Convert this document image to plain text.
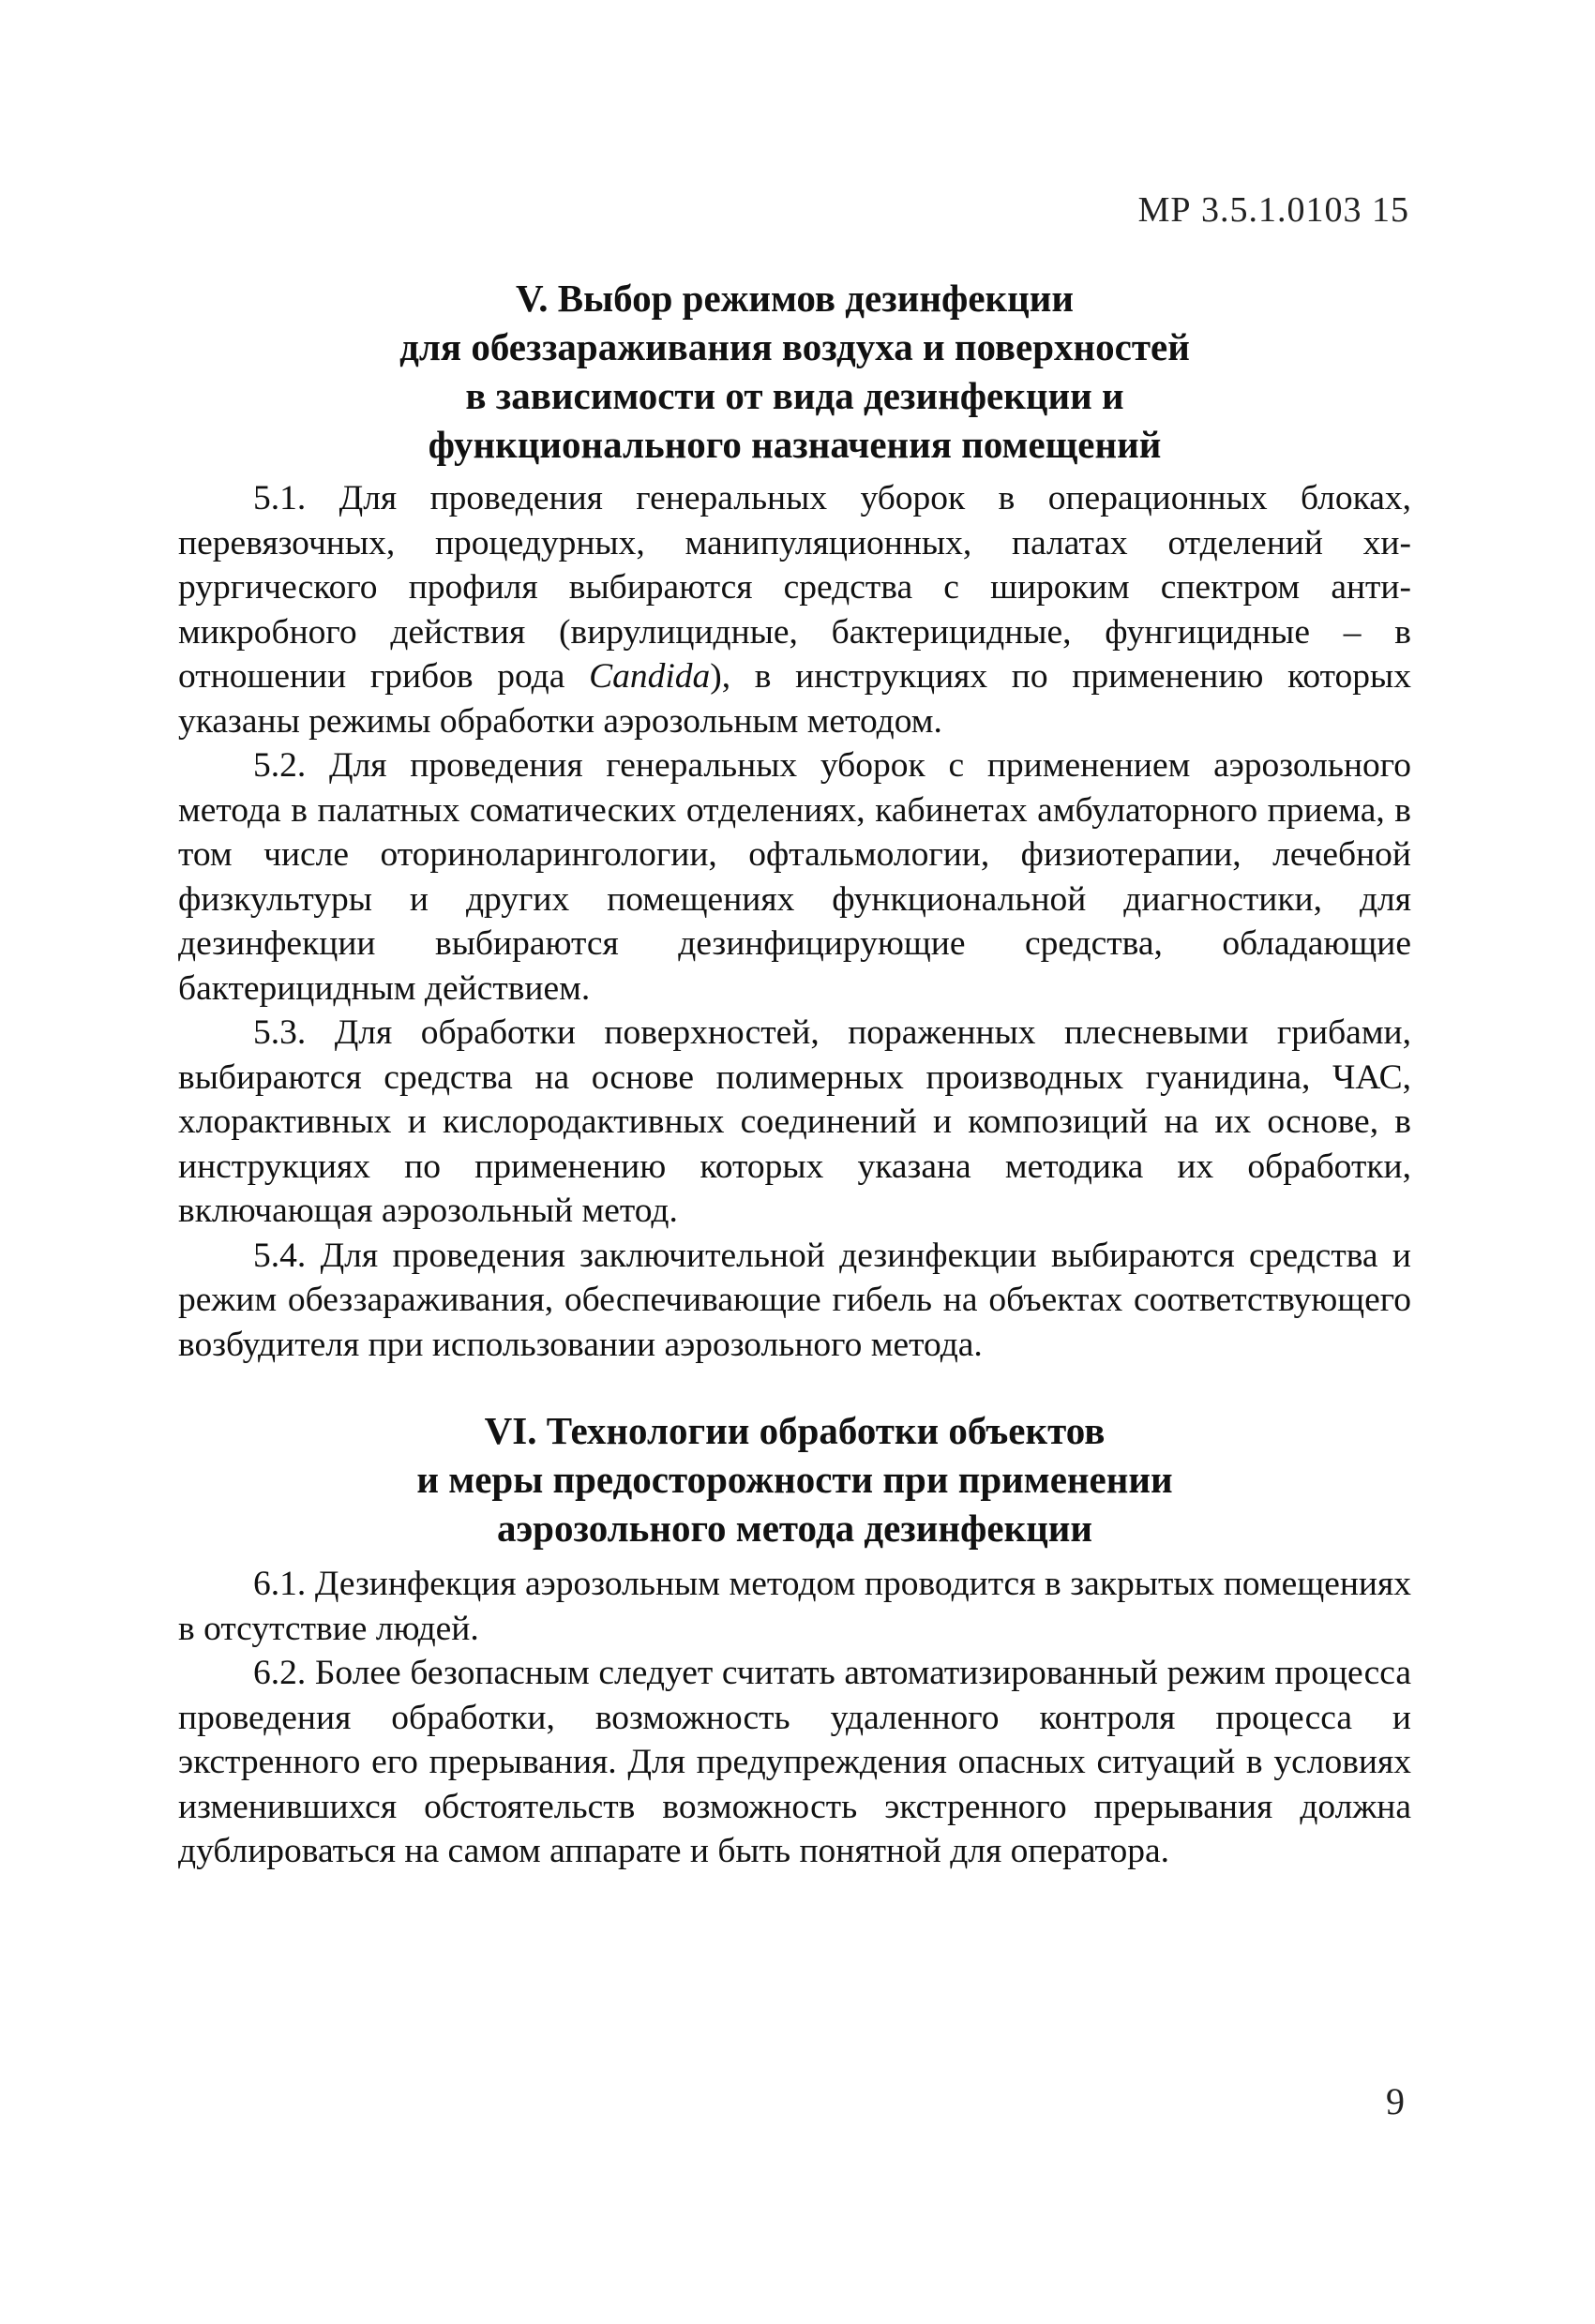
МР 3.5.1.0103 15
V. Выбор режимов дезинфекции
для обеззараживания воздуха и поверхностей
в зависимости от вида дезинфекции и
функционального назначения помещений

5.1. Для проведения генеральных уборок в операционных блоках, перевязочных, процедурных, манипуляционных, палатах отделений хирургического профиля выбираются средства с широким спектром антимикробного действия (вирулицидные, бактерицидные, фунгицидные – в отношении грибов рода Candida), в инструкциях по применению которых указаны режимы обработки аэрозольным методом.

5.2. Для проведения генеральных уборок с применением аэрозольного метода в палатных соматических отделениях, кабинетах амбулаторного приема, в том числе оториноларингологии, офтальмологии, физиотерапии, лечебной физкультуры и других помещениях функциональной диагностики, для дезинфекции выбираются дезинфицирующие средства, обладающие бактерицидным действием.

5.3. Для обработки поверхностей, пораженных плесневыми грибами, выбираются средства на основе полимерных производных гуанидина, ЧАС, хлорактивных и кислородактивных соединений и композиций на их основе, в инструкциях по применению которых указана методика их обработки, включающая аэрозольный метод.

5.4. Для проведения заключительной дезинфекции выбираются средства и режим обеззараживания, обеспечивающие гибель на объектах соответствующего возбудителя при использовании аэрозольного метода.

VI. Технологии обработки объектов
и меры предосторожности при применении
аэрозольного метода дезинфекции

6.1. Дезинфекция аэрозольным методом проводится в закрытых помещениях в отсутствие людей.

6.2. Более безопасным следует считать автоматизированный режим процесса проведения обработки, возможность удаленного контроля процесса и экстренного его прерывания. Для предупреждения опасных ситуаций в условиях изменившихся обстоятельств возможность экстренного прерывания должна дублироваться на самом аппарате и быть понятной для оператора.

9
